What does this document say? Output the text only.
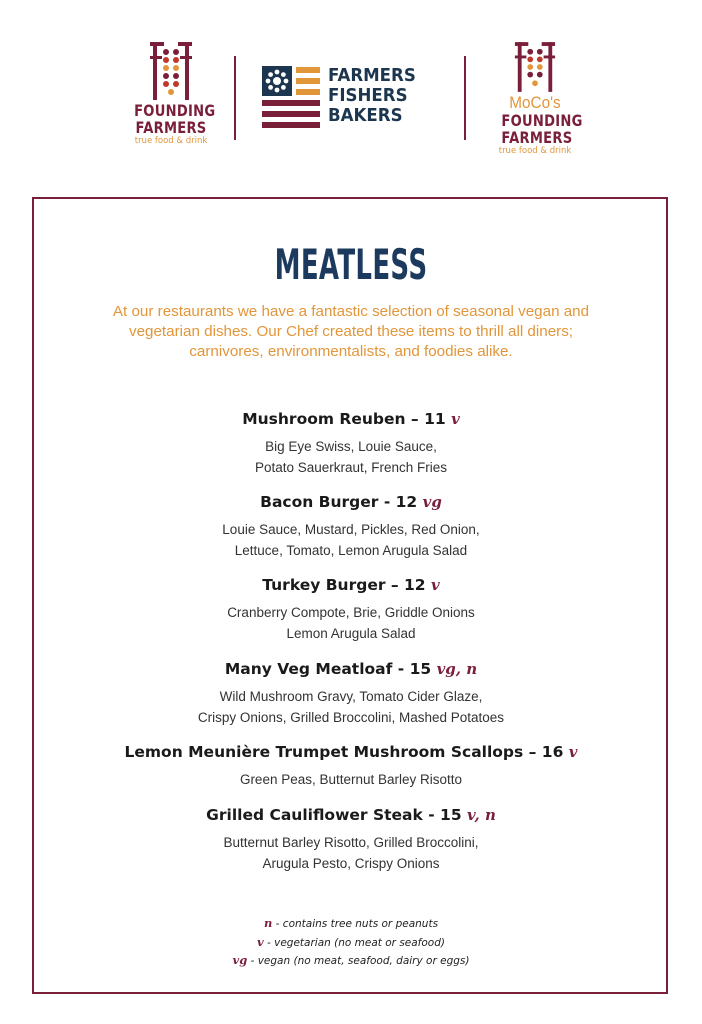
FOUNDING
FARMERS
true food & drink
FARMERS
FISHERS
BAKERS
MoCo's
FOUNDING
FARMERS
true food & drink
MEATLESS
At our restaurants we have a fantastic selection of seasonal vegan and vegetarian dishes. Our Chef created these items to thrill all diners; carnivores, environmentalists, and foodies alike.
Mushroom Reuben – 11 v
Big Eye Swiss, Louie Sauce,
Potato Sauerkraut, French Fries
Bacon Burger - 12 vg
Louie Sauce, Mustard, Pickles, Red Onion,
Lettuce, Tomato, Lemon Arugula Salad
Turkey Burger – 12 v
Cranberry Compote, Brie, Griddle Onions
Lemon Arugula Salad
Many Veg Meatloaf - 15 vg, n
Wild Mushroom Gravy, Tomato Cider Glaze,
Crispy Onions, Grilled Broccolini, Mashed Potatoes
Lemon Meunière Trumpet Mushroom Scallops – 16 v
Green Peas, Butternut Barley Risotto
Grilled Cauliflower Steak - 15 v, n
Butternut Barley Risotto, Grilled Broccolini,
Arugula Pesto, Crispy Onions
n - contains tree nuts or peanuts
v - vegetarian (no meat or seafood)
vg - vegan (no meat, seafood, dairy or eggs)
